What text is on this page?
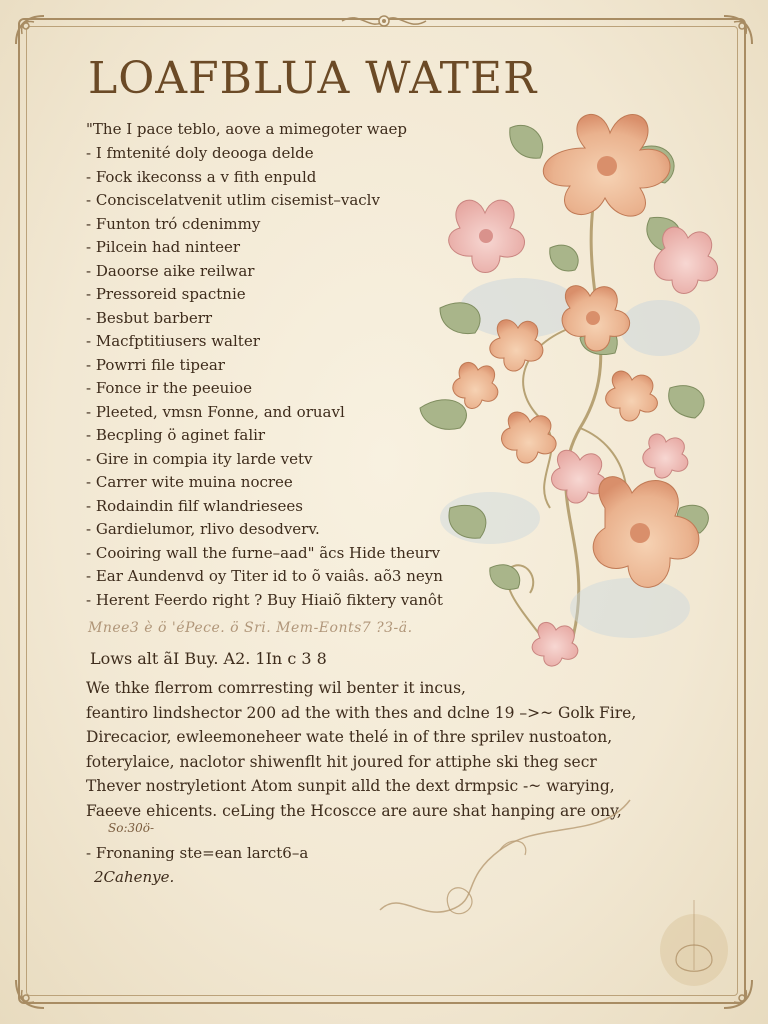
LOAFBLUA WATER
"The I pace teblo, aove a mimegoter waep
- I fmtenité doly deooga delde
- Fock ikeconss a v fith enpuld
- Conciscelatvenit utlim cisemist–vaclv
- Funton tró cdenimmy
- Pilcein had ninteer
- Daoorse aike reilwar
- Pressoreid spactnie
- Besbut barberr
- Macfptitiusers walter
- Powrri file tipear
- Fonce ir the peeuioe
- Pleeted, vmsn Fonne, and oruavl
- Becpling ö aginet falir
- Gire in compia ity larde vetv
- Carrer wite muina nocree
- Rodaindin filf wlandriesees
- Gardielumor, rlivo desodverv.
- Cooiring wall the furne–aad" ãcs Hide theurv
- Ear Aundenvd oy Titer id to õ vaiâs. aõ3 neyn
- Herent Feerdo right ? Buy Hiaiõ fiktery vanôt
Mnee3 è ö 'éPece. ö Sri. Mem-Eonts7 ?3-ä.
Lows alt ãI Buy. A2. 1In c 3 8
We thke flerrom comrresting wil benter it incus,
feantiro lindshector 200 ad the with thes and dclne 19 –>~ Golk Fire,
Direcacior, ewleemoneheer wate thelé in of thre sprilev nustoaton,
foterylaice, naclotor shiwenflt hit joured for attiphe ski theg secr
Thever nostryletiont Atom sunpit alld the dext drmpsic -~ warying,
Faeeve ehicents. ceLing the Hcoscce are aure shat hanping are ony,
So:30ö-
- Fronaning ste=ean larct6–a
2Cahenye.
